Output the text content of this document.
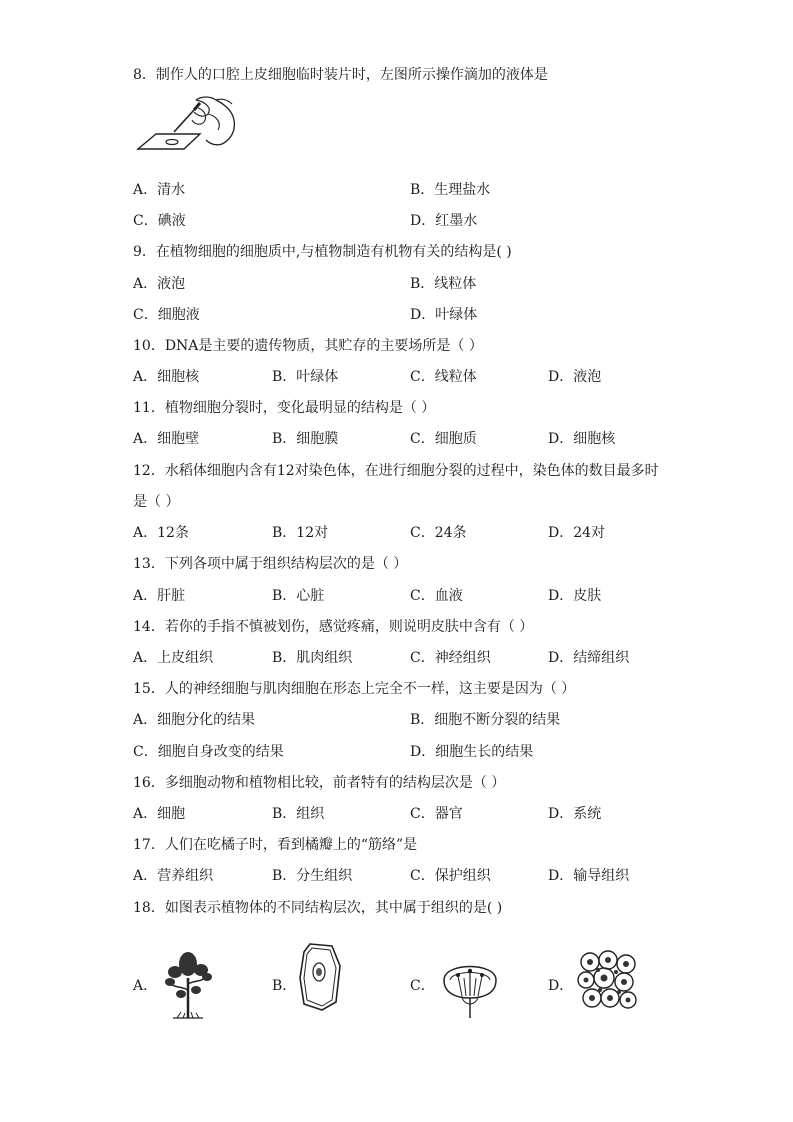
8．制作人的口腔上皮细胞临时装片时，左图所示操作滴加的液体是
A．清水	B．生理盐水
C．碘液	D．红墨水
9．在植物细胞的细胞质中,与植物制造有机物有关的结构是( )
A．液泡	B．线粒体
C．细胞液	D．叶绿体
10．DNA是主要的遗传物质，其贮存的主要场所是（ ）
A．细胞核	B．叶绿体	C．线粒体	D．液泡
11．植物细胞分裂时，变化最明显的结构是（ ）
A．细胞壁	B．细胞膜	C．细胞质	D．细胞核
12．水稻体细胞内含有12对染色体，在进行细胞分裂的过程中，染色体的数目最多时
是（ ）
A．12条	B．12对	C．24条	D．24对
13．下列各项中属于组织结构层次的是（ ）
A．肝脏	B．心脏	C．血液	D．皮肤
14．若你的手指不慎被划伤，感觉疼痛，则说明皮肤中含有（ ）
A．上皮组织	B．肌肉组织	C．神经组织	D．结缔组织
15．人的神经细胞与肌肉细胞在形态上完全不一样，这主要是因为（ ）
A．细胞分化的结果	B．细胞不断分裂的结果
C．细胞自身改变的结果	D．细胞生长的结果
16．多细胞动物和植物相比较，前者特有的结构层次是（ ）
A．细胞	B．组织	C．器官	D．系统
17．人们在吃橘子时，看到橘瓣上的“筋络”是
A．营养组织	B．分生组织	C．保护组织	D．输导组织
18．如图表示植物体的不同结构层次，其中属于组织的是( )
A．	B．	C．	D．
